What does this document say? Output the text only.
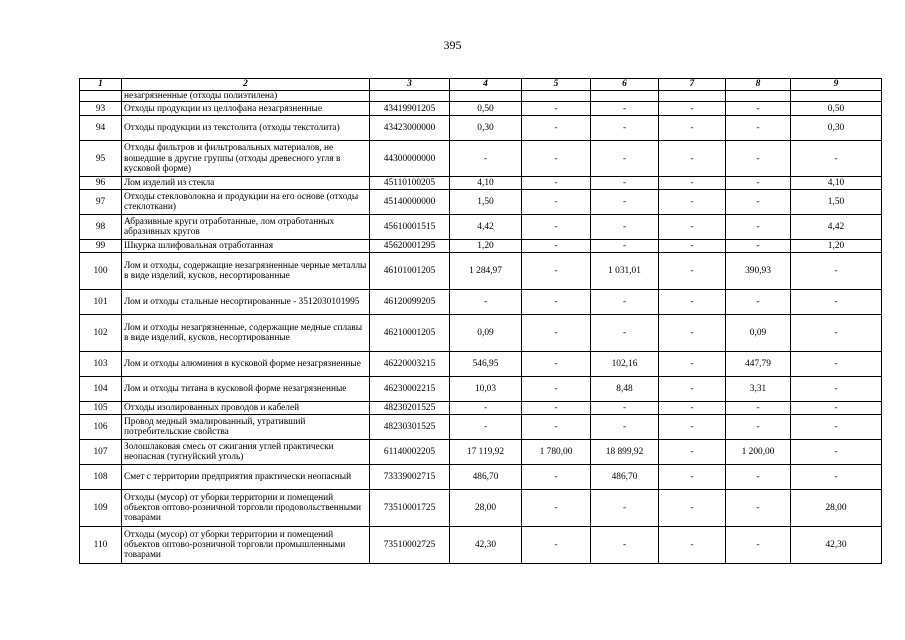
395
1	2	3	4	5	6	7	8	9
	незагрязненные (отходы полиэтилена)							
93	Отходы продукции из целлофана незагрязненные	43419901205	0,50	-	-	-	-	0,50
94	Отходы продукции из текстолита (отходы текстолита)	43423000000	0,30	-	-	-	-	0,30
95	Отходы фильтров и фильтровальных материалов, не вошедшие в другие группы (отходы древесного угля в кусковой форме)	44300000000	-	-	-	-	-	-
96	Лом изделий из стекла	45110100205	4,10	-	-	-	-	4,10
97	Отходы стекловолокна и продукции на его основе (отходы стеклоткани)	45140000000	1,50	-	-	-	-	1,50
98	Абразивные круги отработанные, лом отработанных абразивных кругов	45610001515	4,42	-	-	-	-	4,42
99	Шкурка шлифовальная отработанная	45620001295	1,20	-	-	-	-	1,20
100	Лом и отходы, содержащие незагрязненные черные металлы в виде изделий, кусков, несортированные	46101001205	1 284,97	-	1 031,01	-	390,93	-
101	Лом и отходы стальные несортированные - 3512030101995	46120099205	-	-	-	-	-	-
102	Лом и отходы незагрязненные, содержащие медные сплавы в виде изделий, кусков, несортированные	46210001205	0,09	-	-	-	0,09	-
103	Лом и отходы алюминия в кусковой форме незагрязненные	46220003215	546,95	-	102,16	-	447,79	-
104	Лом и отходы титана в кусковой форме незагрязненные	46230002215	10,03	-	8,48	-	3,31	-
105	Отходы изолированных проводов и кабелей	48230201525	-	-	-	-	-	-
106	Провод медный эмалированный, утративший потребительские свойства	48230301525	-	-	-	-	-	-
107	Золошлаковая смесь от сжигания углей практически неопасная (тугнуйский уголь)	61140002205	17 119,92	1 780,00	18 899,92	-	1 200,00	-
108	Смет с территории предприятия практически неопасный	73339002715	486,70	-	486,70	-	-	-
109	Отходы (мусор) от уборки территории и помещений объектов оптово-розничной торговли продовольственными товарами	73510001725	28,00	-	-	-	-	28,00
110	Отходы (мусор) от уборки территории и помещений объектов оптово-розничной торговли промышленными товарами	73510002725	42,30	-	-	-	-	42,30
